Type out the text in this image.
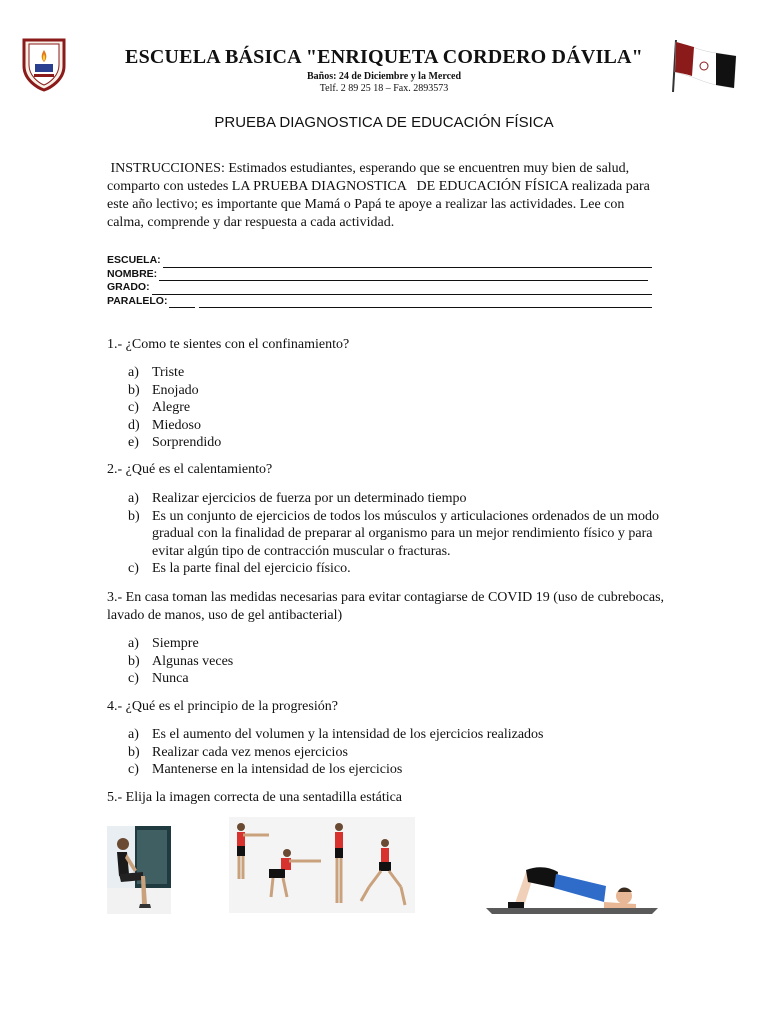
ESCUELA BÁSICA "ENRIQUETA CORDERO DÁVILA"
Baños: 24 de Diciembre y la Merced
Telf. 2 89 25 18 – Fax. 2893573
PRUEBA DIAGNOSTICA DE EDUCACIÓN FÍSICA
INSTRUCCIONES: Estimados estudiantes, esperando que se encuentren muy bien de salud, comparto con ustedes LA PRUEBA DIAGNOSTICA   DE EDUCACIÓN FÍSICA realizada para este año lectivo; es importante que Mamá o Papá te apoye a realizar las actividades. Lee con calma, comprende y dar respuesta a cada actividad.
ESCUELA:
NOMBRE:
GRADO:
PARALELO:
1.- ¿Como te sientes con el confinamiento?
a) Triste
b) Enojado
c) Alegre
d) Miedoso
e) Sorprendido
2.- ¿Qué es el calentamiento?
a) Realizar ejercicios de fuerza por un determinado tiempo
b) Es un conjunto de ejercicios de todos los músculos y articulaciones ordenados de un modo gradual con la finalidad de preparar al organismo para un mejor rendimiento físico y para evitar algún tipo de contracción muscular o fracturas.
c) Es la parte final del ejercicio físico.
3.- En casa toman las medidas necesarias para evitar contagiarse de COVID 19 (uso de cubrebocas, lavado de manos, uso de gel antibacterial)
a) Siempre
b) Algunas veces
c) Nunca
4.- ¿Qué es el principio de la progresión?
a) Es el aumento del volumen y la intensidad de los ejercicios realizados
b) Realizar cada vez menos ejercicios
c) Mantenerse en la intensidad de los ejercicios
5.- Elija la imagen correcta de una sentadilla estática
